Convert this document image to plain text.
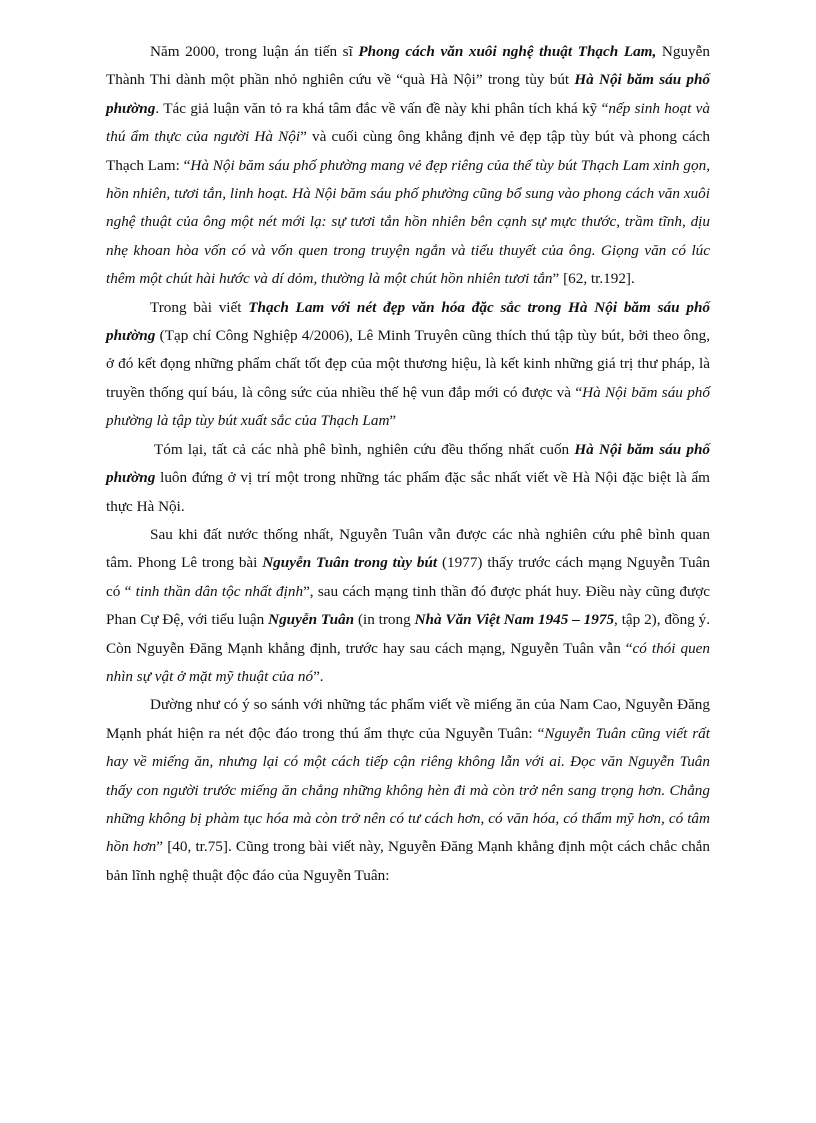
Năm 2000, trong luận án tiến sĩ Phong cách văn xuôi nghệ thuật Thạch Lam, Nguyễn Thành Thi dành một phần nhỏ nghiên cứu về “quà Hà Nội” trong tùy bút Hà Nội băm sáu phố phường. Tác giả luận văn tỏ ra khá tâm đắc về vấn đề này khi phân tích khá kỹ “nếp sinh hoạt và thú ẩm thực của người Hà Nội” và cuối cùng ông khẳng định vẻ đẹp tập tùy bút và phong cách Thạch Lam: “Hà Nội băm sáu phố phường mang vẻ đẹp riêng của thể tùy bút Thạch Lam xinh gọn, hồn nhiên, tươi tắn, linh hoạt. Hà Nội băm sáu phố phường cũng bổ sung vào phong cách văn xuôi nghệ thuật của ông một nét mới lạ: sự tươi tắn hồn nhiên bên cạnh sự mực thước, trầm tĩnh, dịu nhẹ khoan hòa vốn có và vốn quen trong truyện ngắn và tiểu thuyết của ông. Giọng văn có lúc thêm một chút hài hước và dí dỏm, thường là một chút hồn nhiên tươi tắn” [62, tr.192].

Trong bài viết Thạch Lam với nét đẹp văn hóa đặc sắc trong Hà Nội băm sáu phố phường (Tạp chí Công Nghiệp 4/2006), Lê Minh Truyên cũng thích thú tập tùy bút, bởi theo ông, ở đó kết đọng những phẩm chất tốt đẹp của một thương hiệu, là kết kinh những giá trị thư pháp, là truyền thống quí báu, là công sức của nhiều thế hệ vun đắp mới có được và “Hà Nội băm sáu phố phường là tập tùy bút xuất sắc của Thạch Lam”

Tóm lại, tất cả các nhà phê bình, nghiên cứu đều thống nhất cuốn Hà Nội băm sáu phố phường luôn đứng ở vị trí một trong những tác phẩm đặc sắc nhất viết về Hà Nội đặc biệt là ẩm thực Hà Nội.

Sau khi đất nước thống nhất, Nguyễn Tuân vẫn được các nhà nghiên cứu phê bình quan tâm. Phong Lê trong bài Nguyễn Tuân trong tùy bút (1977) thấy trước cách mạng Nguyễn Tuân có “ tinh thần dân tộc nhất định”, sau cách mạng tinh thần đó được phát huy. Điều này cũng được Phan Cự Đệ, với tiểu luận Nguyễn Tuân (in trong Nhà Văn Việt Nam 1945 – 1975, tập 2), đồng ý. Còn Nguyễn Đăng Mạnh khẳng định, trước hay sau cách mạng, Nguyễn Tuân vẫn “có thói quen nhìn sự vật ở mặt mỹ thuật của nó”.

Dường như có ý so sánh với những tác phẩm viết về miếng ăn của Nam Cao, Nguyễn Đăng Mạnh phát hiện ra nét độc đáo trong thú ẩm thực của Nguyễn Tuân: “Nguyễn Tuân cũng viết rất hay về miếng ăn, nhưng lại có một cách tiếp cận riêng không lẫn với ai. Đọc văn Nguyễn Tuân thấy con người trước miếng ăn chẳng những không hèn đi mà còn trở nên sang trọng hơn. Chẳng những không bị phàm tục hóa mà còn trở nên có tư cách hơn, có văn hóa, có thẩm mỹ hơn, có tâm hồn hơn” [40, tr.75]. Cũng trong bài viết này, Nguyễn Đăng Mạnh khẳng định một cách chắc chắn bản lĩnh nghệ thuật độc đáo của Nguyễn Tuân:
